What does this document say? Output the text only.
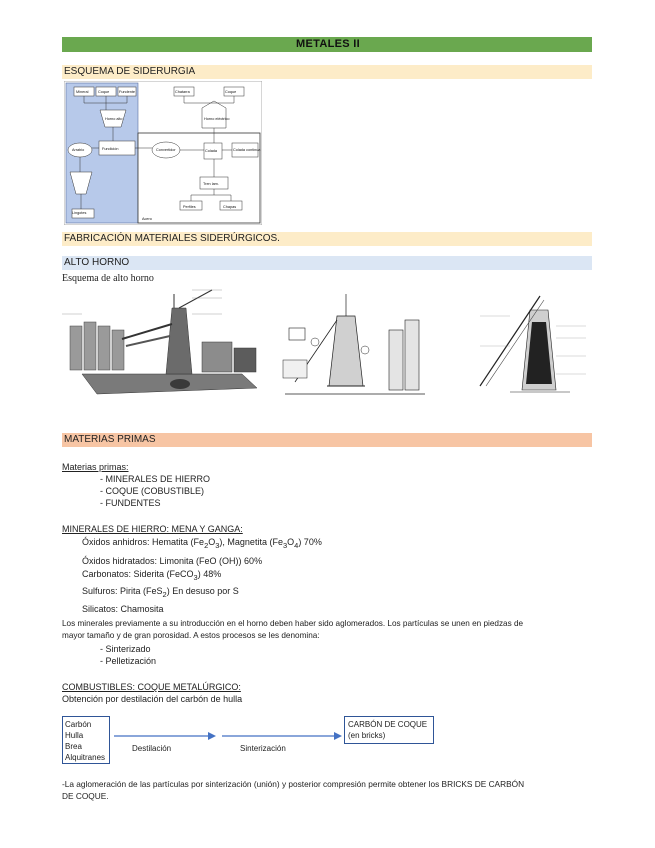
METALES II
ESQUEMA DE SIDERURGIA
Mineral	Coque	Fundente
Horno alto
Fundición
Arrabio
Lingotes
Chatarra	Coque
Horno eléctrico
Convertidor	Colada	Colada continua
Tren lam.
Perfiles	Chapas
Acero
FABRICACIÓN MATERIALES SIDERÚRGICOS.
ALTO HORNO
Esquema de alto horno
MATERIAS PRIMAS
Materias primas:
- MINERALES DE HIERRO
- COQUE (COBUSTIBLE)
- FUNDENTES
MINERALES DE HIERRO: MENA Y GANGA:
Óxidos anhidros: Hematita $(Fe_2O_3)$, Magnetita $(Fe_3O_4)$ 70%
Óxidos hidratados: Limonita (FeO (OH)) 60%
Carbonatos: Siderita (FeCO$_3$) 48%
Sulfuros: Pirita (FeS$_2$) En desuso por S
Silicatos: Chamosita
Los minerales previamente a su introducción en el horno deben haber sido aglomerados. Los partículas se unen en piedzas de
mayor tamaño y de gran porosidad. A estos procesos se les denomina:
- Sinterizado
- Pelletización
COMBUSTIBLES: COQUE METALÚRGICO:
Obtención por destilación del carbón de hulla
Carbón
Hulla
Brea
Alquitranes
Destilación	Sinterización
CARBÓN DE COQUE
(en bricks)
-La aglomeración de las partículas por sinterización (unión) y posterior compresión permite obtener los BRICKS DE CARBÓN
DE COQUE.
